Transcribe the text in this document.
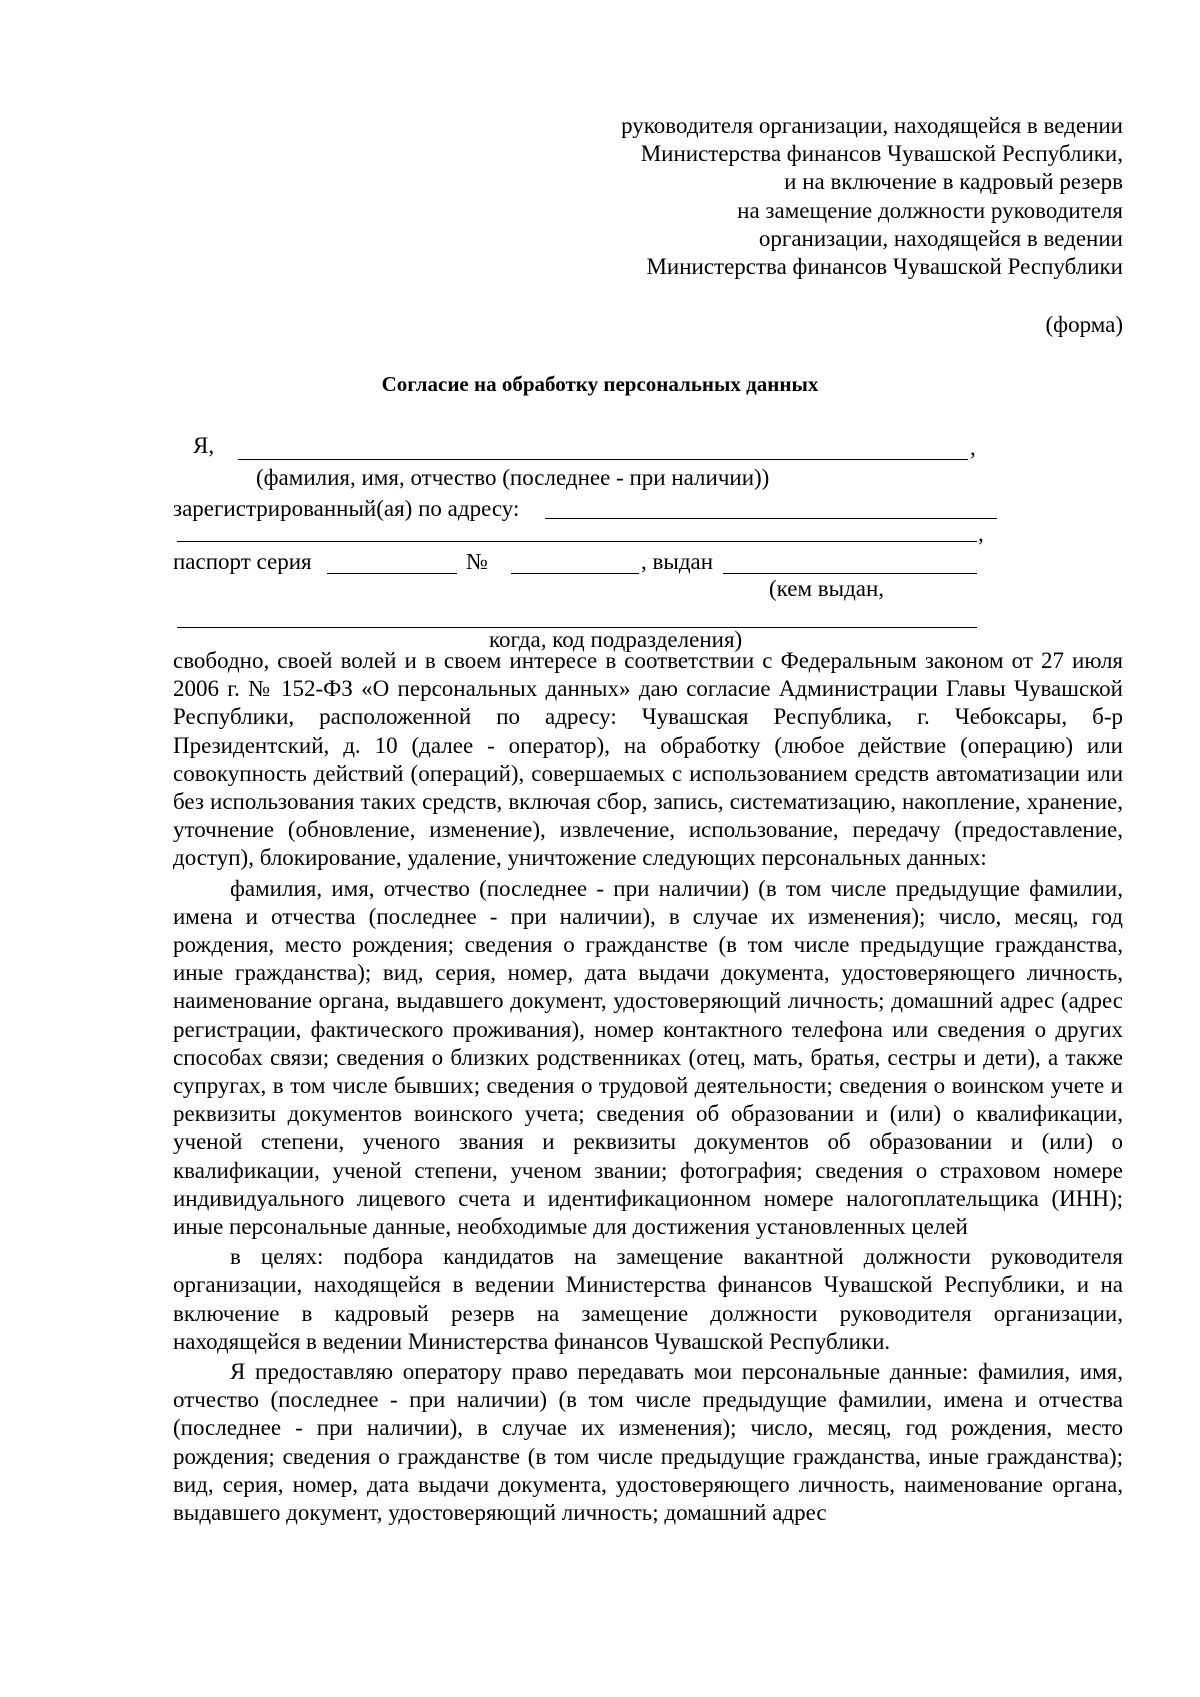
руководителя организации, находящейся в ведении
Министерства финансов Чувашской Республики,
и на включение в кадровый резерв
на замещение должности руководителя
организации, находящейся в ведении
Министерства финансов Чувашской Республики
(форма)
Согласие на обработку персональных данных
Я,	,
(фамилия, имя, отчество (последнее - при наличии))
зарегистрированный(ая) по адресу:
,
паспорт серия	№	, выдан
(кем выдан,
когда, код подразделения)

свободно, своей волей и в своем интересе в соответствии с Федеральным законом от 27 июля 2006 г. № 152-ФЗ «О персональных данных» даю согласие Администрации Главы Чувашской Республики, расположенной по адресу: Чувашская Республика, г. Чебоксары, б-р Президентский, д. 10 (далее - оператор), на обработку (любое действие (операцию) или совокупность действий (операций), совершаемых с использованием средств автоматизации или без использования таких средств, включая сбор, запись, систематизацию, накопление, хранение, уточнение (обновление, изменение), извлечение, использование, передачу (предоставление, доступ), блокирование, удаление, уничтожение следующих персональных данных:

фамилия, имя, отчество (последнее - при наличии) (в том числе предыдущие фамилии, имена и отчества (последнее - при наличии), в случае их изменения); число, месяц, год рождения, место рождения; сведения о гражданстве (в том числе предыдущие гражданства, иные гражданства); вид, серия, номер, дата выдачи документа, удостоверяющего личность, наименование органа, выдавшего документ, удостоверяющий личность; домашний адрес (адрес регистрации, фактического проживания), номер контактного телефона или сведения о других способах связи; сведения о близких родственниках (отец, мать, братья, сестры и дети), а также супругах, в том числе бывших; сведения о трудовой деятельности; сведения о воинском учете и реквизиты документов воинского учета; сведения об образовании и (или) о квалификации, ученой степени, ученого звания и реквизиты документов об образовании и (или) о квалификации, ученой степени, ученом звании; фотография; сведения о страховом номере индивидуального лицевого счета и идентификационном номере налогоплательщика (ИНН); иные персональные данные, необходимые для достижения установленных целей

в целях: подбора кандидатов на замещение вакантной должности руководителя организации, находящейся в ведении Министерства финансов Чувашской Республики, и на включение в кадровый резерв на замещение должности руководителя организации, находящейся в ведении Министерства финансов Чувашской Республики.

Я предоставляю оператору право передавать мои персональные данные: фамилия, имя, отчество (последнее - при наличии) (в том числе предыдущие фамилии, имена и отчества (последнее - при наличии), в случае их изменения); число, месяц, год рождения, место рождения; сведения о гражданстве (в том числе предыдущие гражданства, иные гражданства); вид, серия, номер, дата выдачи документа, удостоверяющего личность, наименование органа, выдавшего документ, удостоверяющий личность; домашний адрес
